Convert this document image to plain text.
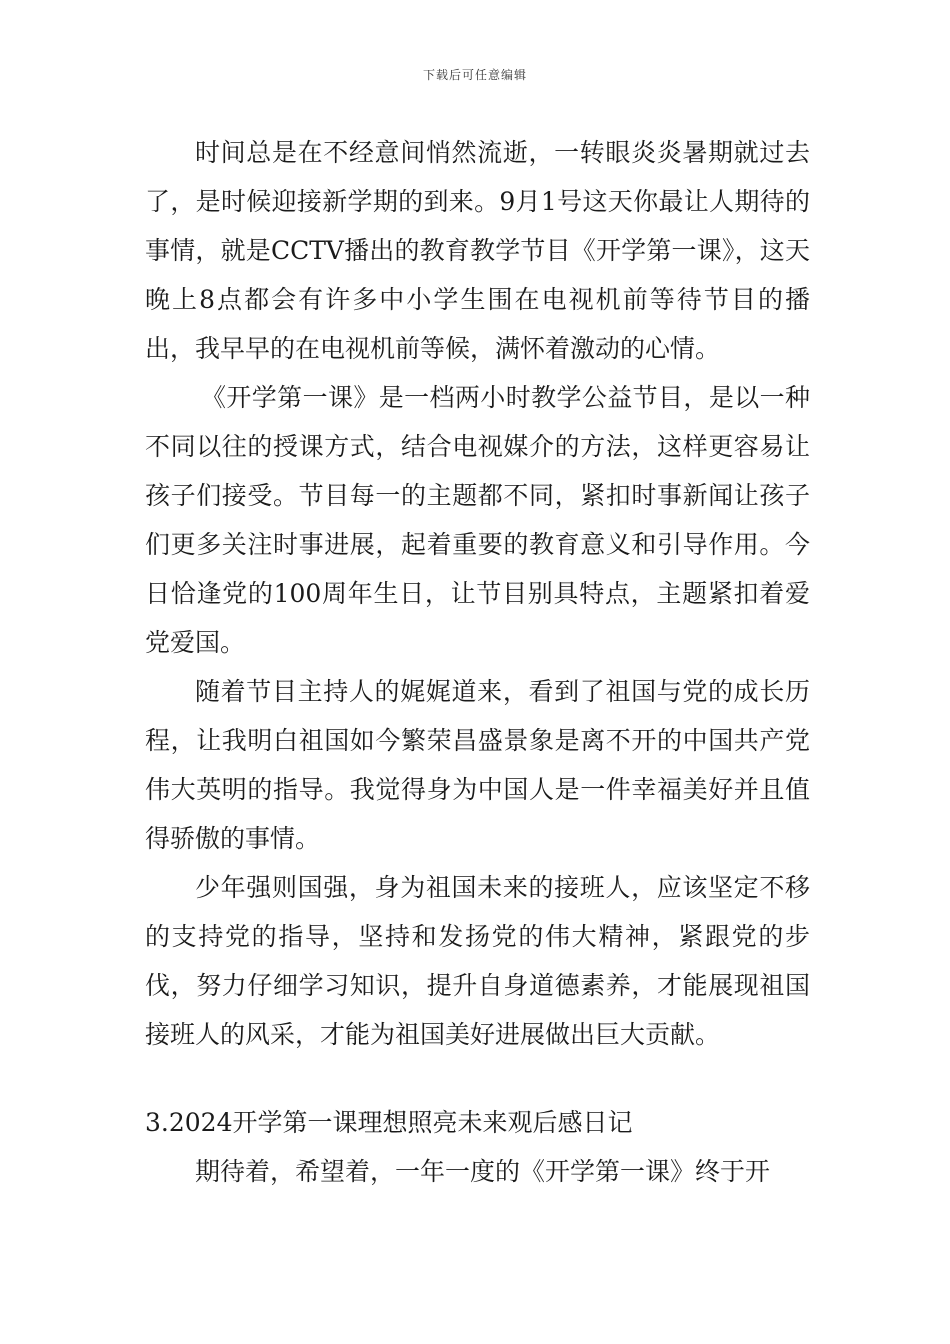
下载后可任意编辑

时间总是在不经意间悄然流逝，一转眼炎炎暑期就过去了，是时候迎接新学期的到来。9月1号这天你最让人期待的事情，就是CCTV播出的教育教学节目《开学第一课》，这天晚上8点都会有许多中小学生围在电视机前等待节目的播出，我早早的在电视机前等候，满怀着激动的心情。

《开学第一课》是一档两小时教学公益节目，是以一种不同以往的授课方式，结合电视媒介的方法，这样更容易让孩子们接受。节目每一的主题都不同，紧扣时事新闻让孩子们更多关注时事进展，起着重要的教育意义和引导作用。今日恰逢党的100周年生日，让节目别具特点，主题紧扣着爱党爱国。

随着节目主持人的娓娓道来，看到了祖国与党的成长历程，让我明白祖国如今繁荣昌盛景象是离不开的中国共产党伟大英明的指导。我觉得身为中国人是一件幸福美好并且值得骄傲的事情。

少年强则国强，身为祖国未来的接班人，应该坚定不移的支持党的指导，坚持和发扬党的伟大精神，紧跟党的步伐，努力仔细学习知识，提升自身道德素养，才能展现祖国接班人的风采，才能为祖国美好进展做出巨大贡献。

3.2024开学第一课理想照亮未来观后感日记

期待着，希望着，一年一度的《开学第一课》终于开
